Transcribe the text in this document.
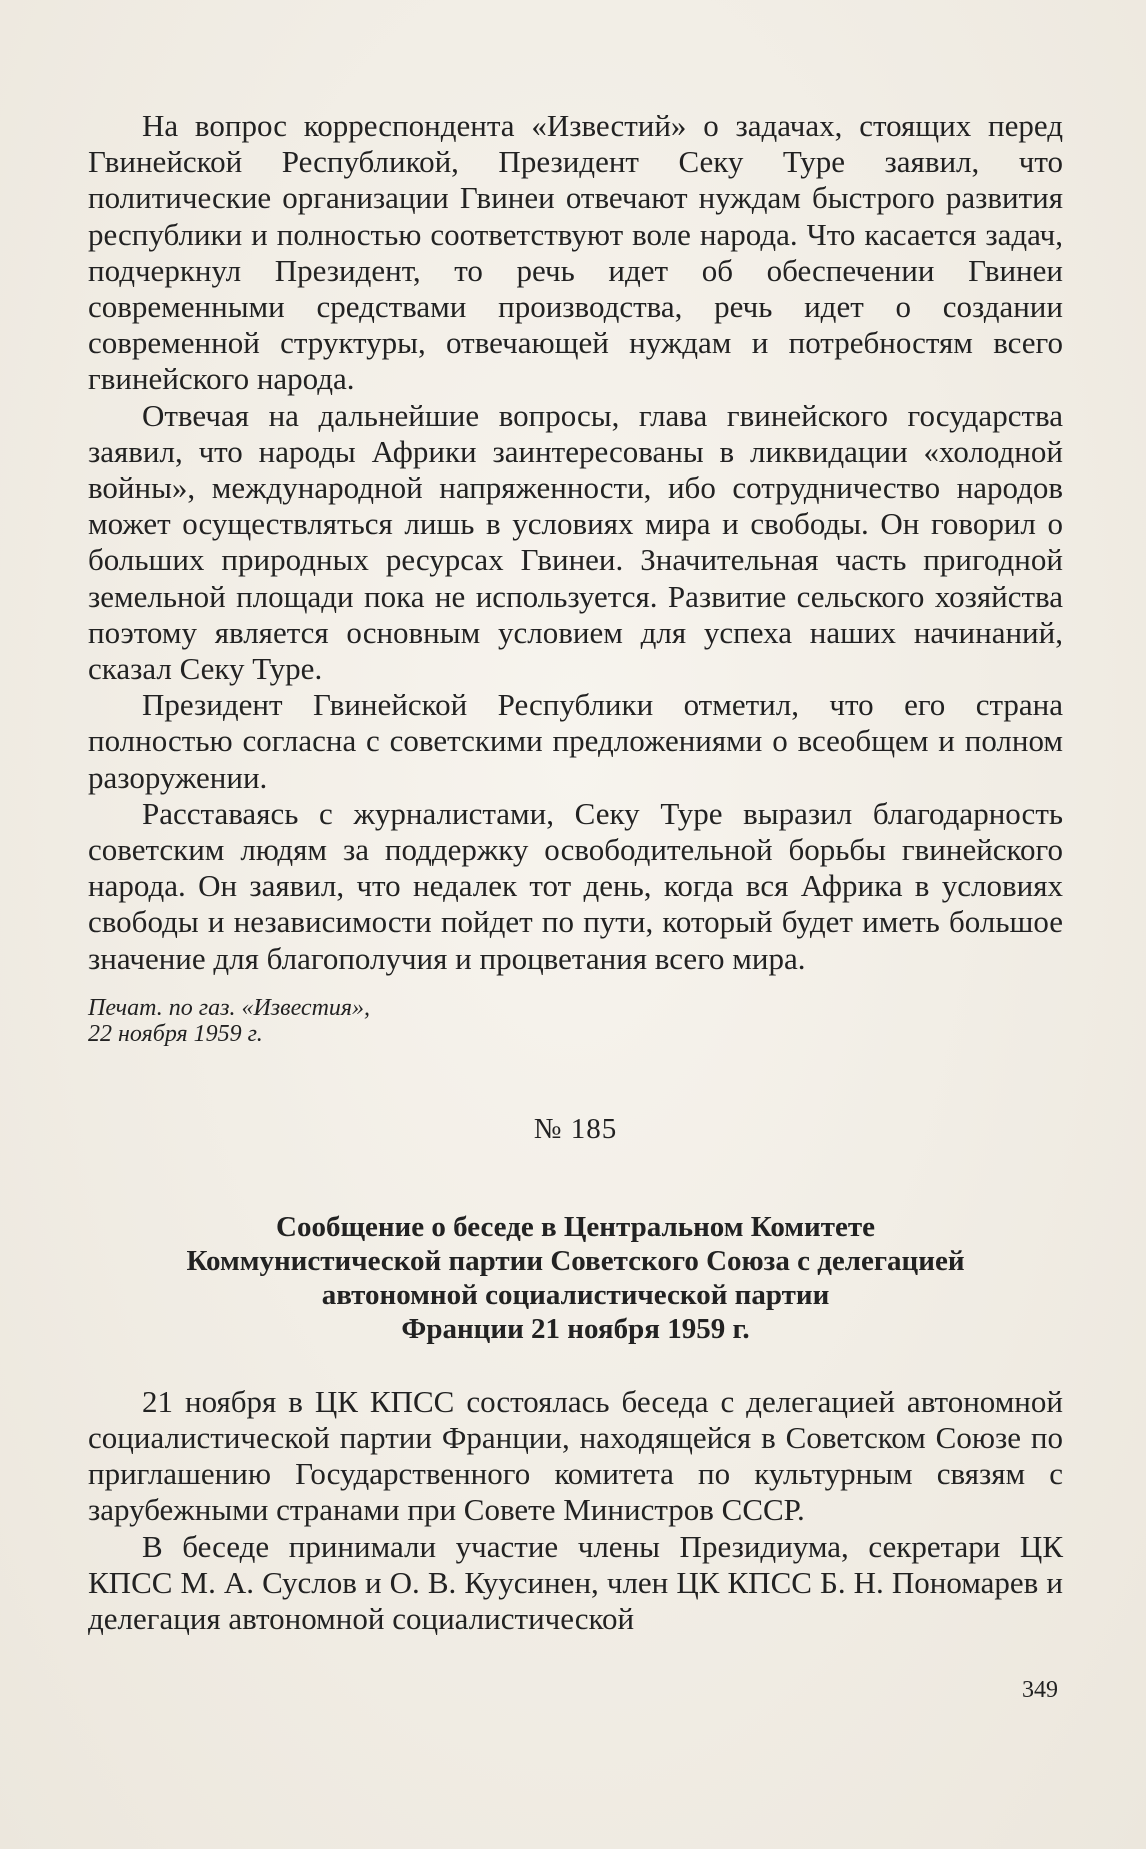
На вопрос корреспондента «Известий» о задачах, стоящих перед Гвинейской Республикой, Президент Секу Туре заявил, что политические организации Гвинеи отвечают нуждам быстрого развития республики и полностью соответствуют воле народа. Что касается задач, подчеркнул Президент, то речь идет об обеспечении Гвинеи современными средствами производства, речь идет о создании современной структуры, отвечающей нуждам и потребностям всего гвинейского народа.

Отвечая на дальнейшие вопросы, глава гвинейского государства заявил, что народы Африки заинтересованы в ликвидации «холодной войны», международной напряженности, ибо сотрудничество народов может осуществляться лишь в условиях мира и свободы. Он говорил о больших природных ресурсах Гвинеи. Значительная часть пригодной земельной площади пока не используется. Развитие сельского хозяйства поэтому является основным условием для успеха наших начинаний, сказал Секу Туре.

Президент Гвинейской Республики отметил, что его страна полностью согласна с советскими предложениями о всеобщем и полном разоружении.

Расставаясь с журналистами, Секу Туре выразил благодарность советским людям за поддержку освободительной борьбы гвинейского народа. Он заявил, что недалек тот день, когда вся Африка в условиях свободы и независимости пойдет по пути, который будет иметь большое значение для благополучия и процветания всего мира.

Печат. по газ. «Известия»,
22 ноября 1959 г.
№ 185
Сообщение о беседе в Центральном Комитете
Коммунистической партии Советского Союза с делегацией
автономной социалистической партии
Франции 21 ноября 1959 г.

21 ноября в ЦК КПСС состоялась беседа с делегацией автономной социалистической партии Франции, находящейся в Советском Союзе по приглашению Государственного комитета по культурным связям с зарубежными странами при Совете Министров СССР.

В беседе принимали участие члены Президиума, секретари ЦК КПСС М. А. Суслов и О. В. Куусинен, член ЦК КПСС Б. Н. Пономарев и делегация автономной социалистической

349
